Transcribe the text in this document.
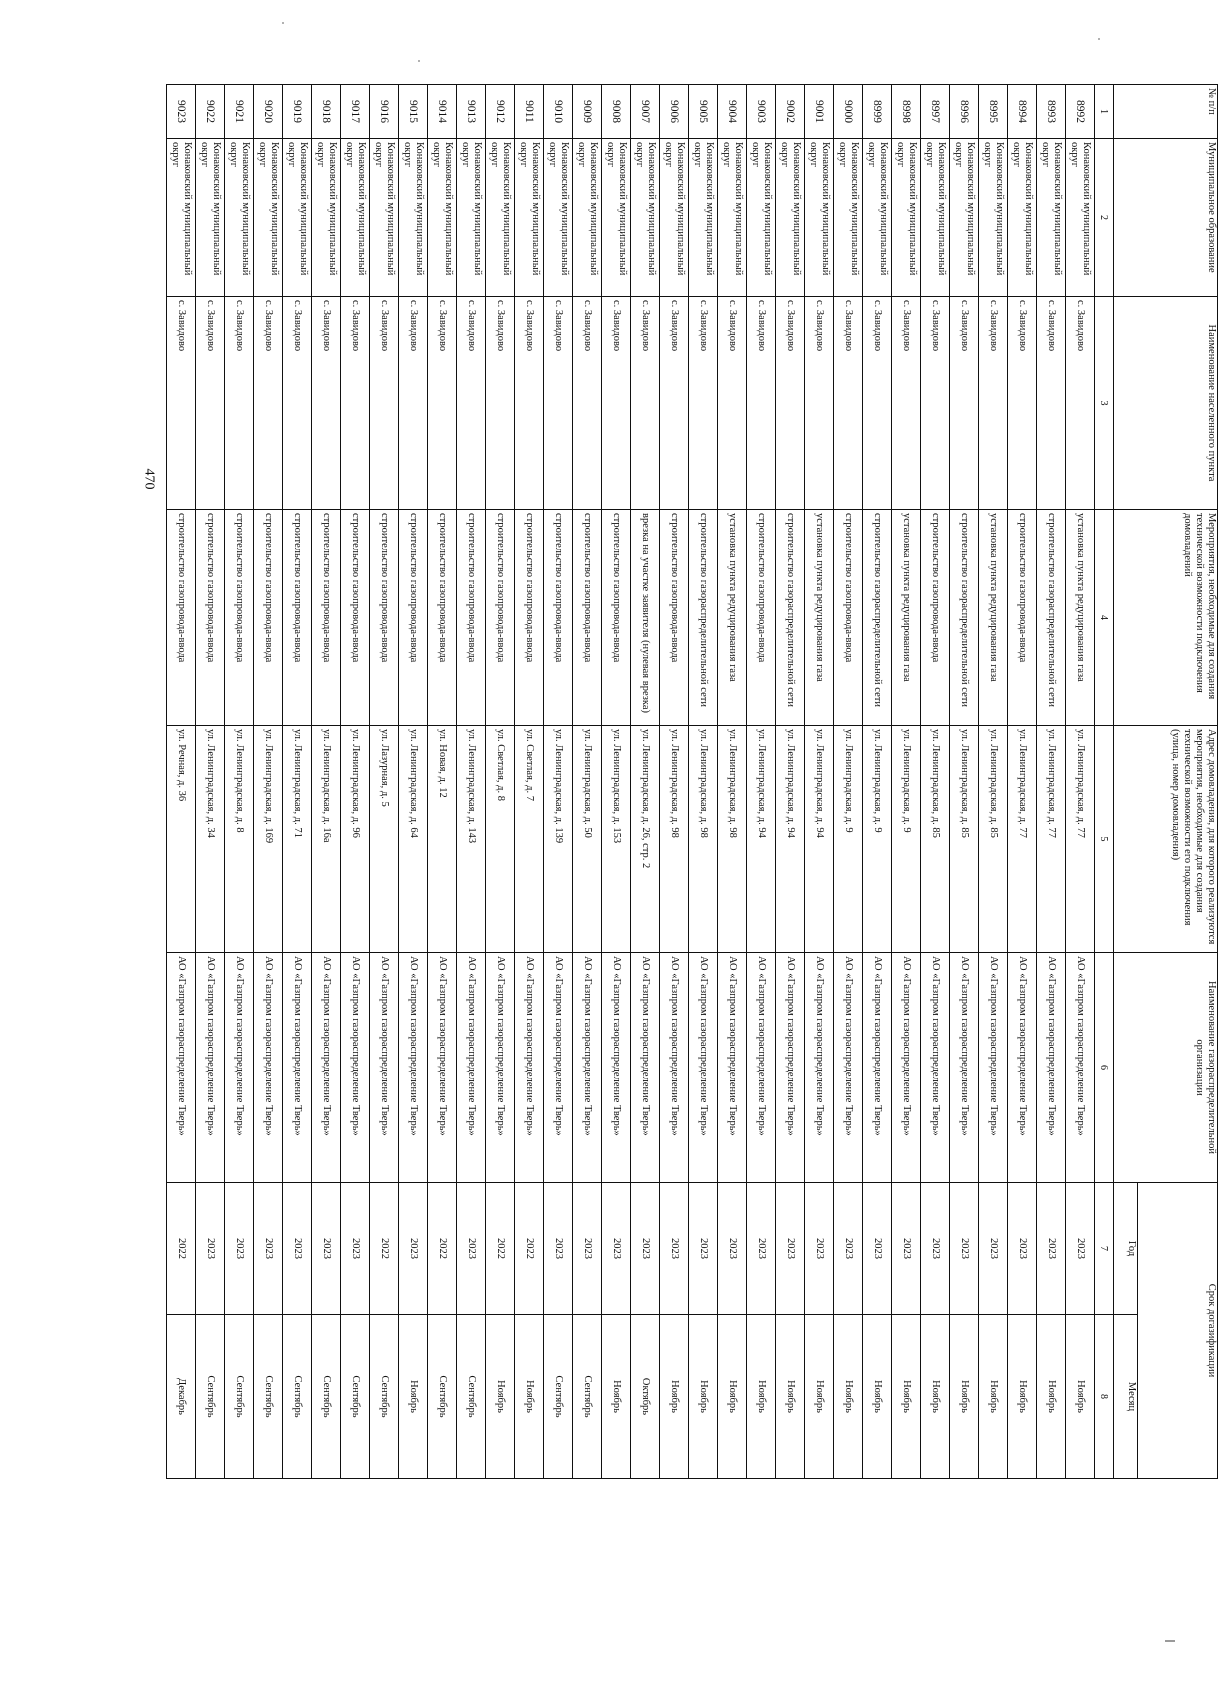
470
№ п/п	Муниципальное образование	Наименование населенного пункта	Мероприятия, необходимые для создания технической возможности подключения домовладений	Адрес домовладения, для которого реализуются мероприятия, необходимые для создания технической возможности его подключения (улица, номер домовладения)	Наименование газораспределительной организации	Срок догазификации	
						Год	Месяц
1	2	3	4	5	6	7	8
8992	Конаковский муниципальный округ	с. Завидово	установка пункта редуцирования газа	ул. Ленинградская, д. 77	АО «Газпром газораспределение Тверь»	2023	Ноябрь
8993	Конаковский муниципальный округ	с. Завидово	строительство газораспределительной сети	ул. Ленинградская, д. 77	АО «Газпром газораспределение Тверь»	2023	Ноябрь
8994	Конаковский муниципальный округ	с. Завидово	строительство газопровода-ввода	ул. Ленинградская, д. 77	АО «Газпром газораспределение Тверь»	2023	Ноябрь
8995	Конаковский муниципальный округ	с. Завидово	установка пункта редуцирования газа	ул. Ленинградская, д. 85	АО «Газпром газораспределение Тверь»	2023	Ноябрь
8996	Конаковский муниципальный округ	с. Завидово	строительство газораспределительной сети	ул. Ленинградская, д. 85	АО «Газпром газораспределение Тверь»	2023	Ноябрь
8997	Конаковский муниципальный округ	с. Завидово	строительство газопровода-ввода	ул. Ленинградская, д. 85	АО «Газпром газораспределение Тверь»	2023	Ноябрь
8998	Конаковский муниципальный округ	с. Завидово	установка пункта редуцирования газа	ул. Ленинградская, д. 9	АО «Газпром газораспределение Тверь»	2023	Ноябрь
8999	Конаковский муниципальный округ	с. Завидово	строительство газораспределительной сети	ул. Ленинградская, д. 9	АО «Газпром газораспределение Тверь»	2023	Ноябрь
9000	Конаковский муниципальный округ	с. Завидово	строительство газопровода-ввода	ул. Ленинградская, д. 9	АО «Газпром газораспределение Тверь»	2023	Ноябрь
9001	Конаковский муниципальный округ	с. Завидово	установка пункта редуцирования газа	ул. Ленинградская, д. 94	АО «Газпром газораспределение Тверь»	2023	Ноябрь
9002	Конаковский муниципальный округ	с. Завидово	строительство газораспределительной сети	ул. Ленинградская, д. 94	АО «Газпром газораспределение Тверь»	2023	Ноябрь
9003	Конаковский муниципальный округ	с. Завидово	строительство газопровода-ввода	ул. Ленинградская, д. 94	АО «Газпром газораспределение Тверь»	2023	Ноябрь
9004	Конаковский муниципальный округ	с. Завидово	установка пункта редуцирования газа	ул. Ленинградская, д. 98	АО «Газпром газораспределение Тверь»	2023	Ноябрь
9005	Конаковский муниципальный округ	с. Завидово	строительство газораспределительной сети	ул. Ленинградская, д. 98	АО «Газпром газораспределение Тверь»	2023	Ноябрь
9006	Конаковский муниципальный округ	с. Завидово	строительство газопровода-ввода	ул. Ленинградская, д. 98	АО «Газпром газораспределение Тверь»	2023	Ноябрь
9007	Конаковский муниципальный округ	с. Завидово	врезка на участке заявителя (нулевая врезка)	ул. Ленинградская, д. 26, стр. 2	АО «Газпром газораспределение Тверь»	2023	Октябрь
9008	Конаковский муниципальный округ	с. Завидово	строительство газопровода-ввода	ул. Ленинградская, д. 153	АО «Газпром газораспределение Тверь»	2023	Ноябрь
9009	Конаковский муниципальный округ	с. Завидово	строительство газопровода-ввода	ул. Ленинградская, д. 50	АО «Газпром газораспределение Тверь»	2023	Сентябрь
9010	Конаковский муниципальный округ	с. Завидово	строительство газопровода-ввода	ул. Ленинградская, д. 139	АО «Газпром газораспределение Тверь»	2023	Сентябрь
9011	Конаковский муниципальный округ	с. Завидово	строительство газопровода-ввода	ул. Светлая, д. 7	АО «Газпром газораспределение Тверь»	2022	Ноябрь
9012	Конаковский муниципальный округ	с. Завидово	строительство газопровода-ввода	ул. Светлая, д. 8	АО «Газпром газораспределение Тверь»	2022	Ноябрь
9013	Конаковский муниципальный округ	с. Завидово	строительство газопровода-ввода	ул. Ленинградская, д. 143	АО «Газпром газораспределение Тверь»	2023	Сентябрь
9014	Конаковский муниципальный округ	с. Завидово	строительство газопровода-ввода	ул. Новая, д. 12	АО «Газпром газораспределение Тверь»	2022	Сентябрь
9015	Конаковский муниципальный округ	с. Завидово	строительство газопровода-ввода	ул. Ленинградская, д. 64	АО «Газпром газораспределение Тверь»	2023	Ноябрь
9016	Конаковский муниципальный округ	с. Завидово	строительство газопровода-ввода	ул. Лазурная, д. 5	АО «Газпром газораспределение Тверь»	2022	Сентябрь
9017	Конаковский муниципальный округ	с. Завидово	строительство газопровода-ввода	ул. Ленинградская, д. 96	АО «Газпром газораспределение Тверь»	2023	Сентябрь
9018	Конаковский муниципальный округ	с. Завидово	строительство газопровода-ввода	ул. Ленинградская, д. 16а	АО «Газпром газораспределение Тверь»	2023	Сентябрь
9019	Конаковский муниципальный округ	с. Завидово	строительство газопровода-ввода	ул. Ленинградская, д. 71	АО «Газпром газораспределение Тверь»	2023	Сентябрь
9020	Конаковский муниципальный округ	с. Завидово	строительство газопровода-ввода	ул. Ленинградская, д. 169	АО «Газпром газораспределение Тверь»	2023	Сентябрь
9021	Конаковский муниципальный округ	с. Завидово	строительство газопровода-ввода	ул. Ленинградская, д. 8	АО «Газпром газораспределение Тверь»	2023	Сентябрь
9022	Конаковский муниципальный округ	с. Завидово	строительство газопровода-ввода	ул. Ленинградская, д. 34	АО «Газпром газораспределение Тверь»	2023	Сентябрь
9023	Конаковский муниципальный округ	с. Завидово	строительство газопровода-ввода	ул. Речная, д. 36	АО «Газпром газораспределение Тверь»	2022	Декабрь
